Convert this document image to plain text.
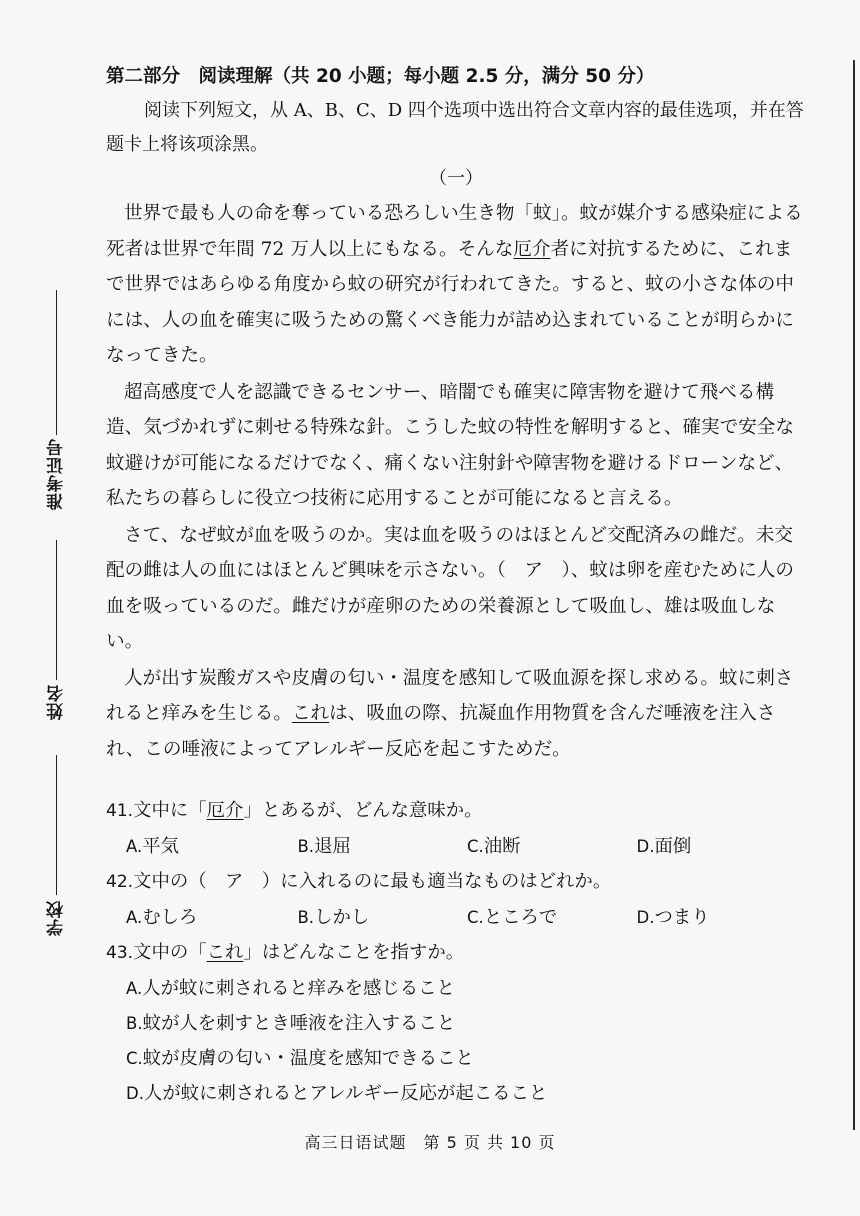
准考证号
姓名
学校
第二部分　阅读理解（共 20 小题；每小题 2.5 分，满分 50 分）

阅读下列短文，从 A、B、C、D 四个选项中选出符合文章内容的最佳选项，并在答题卡上将该项涂黑。

（一）

世界で最も人の命を奪っている恐ろしい生き物「蚊」。蚊が媒介する感染症による死者は世界で年間 72 万人以上にもなる。そんな厄介者に対抗するために、これまで世界ではあらゆる角度から蚊の研究が行われてきた。すると、蚊の小さな体の中には、人の血を確実に吸うための驚くべき能力が詰め込まれていることが明らかになってきた。

超高感度で人を認識できるセンサー、暗闇でも確実に障害物を避けて飛べる構造、気づかれずに刺せる特殊な針。こうした蚊の特性を解明すると、確実で安全な蚊避けが可能になるだけでなく、痛くない注射針や障害物を避けるドローンなど、私たちの暮らしに役立つ技術に応用することが可能になると言える。

さて、なぜ蚊が血を吸うのか。実は血を吸うのはほとんど交配済みの雌だ。未交配の雌は人の血にはほとんど興味を示さない。（　ア　）、蚊は卵を産むために人の血を吸っているのだ。雌だけが産卵のための栄養源として吸血し、雄は吸血しない。

人が出す炭酸ガスや皮膚の匂い・温度を感知して吸血源を探し求める。蚊に刺されると痒みを生じる。これは、吸血の際、抗凝血作用物質を含んだ唾液を注入され、この唾液によってアレルギー反応を起こすためだ。

41.文中に「厄介」とあるが、どんな意味か。

A.平気	B.退屈	C.油断	D.面倒

42.文中の（　ア　）に入れるのに最も適当なものはどれか。

A.むしろ	B.しかし	C.ところで	D.つまり

43.文中の「これ」はどんなことを指すか。

A.人が蚊に刺されると痒みを感じること

B.蚊が人を刺すとき唾液を注入すること

C.蚊が皮膚の匂い・温度を感知できること

D.人が蚊に刺されるとアレルギー反応が起こること

高三日语试题　第 5 页 共 10 页
